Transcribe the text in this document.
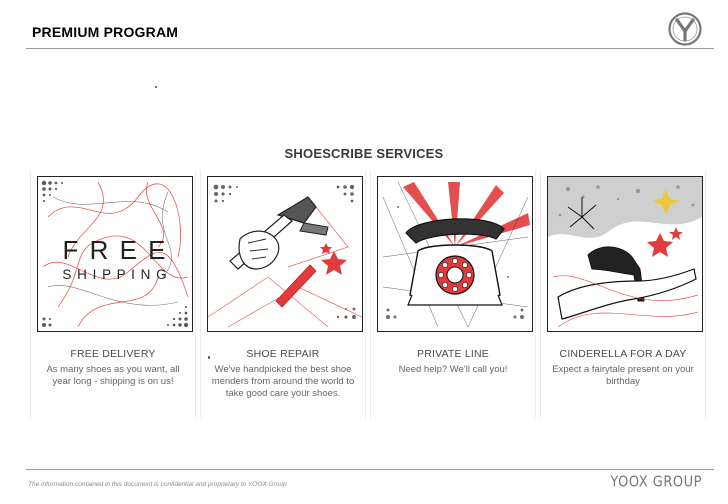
PREMIUM PROGRAM
SHOESCRIBE SERVICES
F R E E
S H I P P I N G
FREE DELIVERY
As many shoes as you want, all year long - shipping is on us!
SHOE REPAIR
We've handpicked the best shoe menders from around the world to take good care your shoes.
PRIVATE LINE
Need help? We'll call you!
CINDERELLA FOR A DAY
Expect a fairytale present on your birthday
The information contained in this document is confidential and proprietary to YOOX Group	YOOX GROUP
